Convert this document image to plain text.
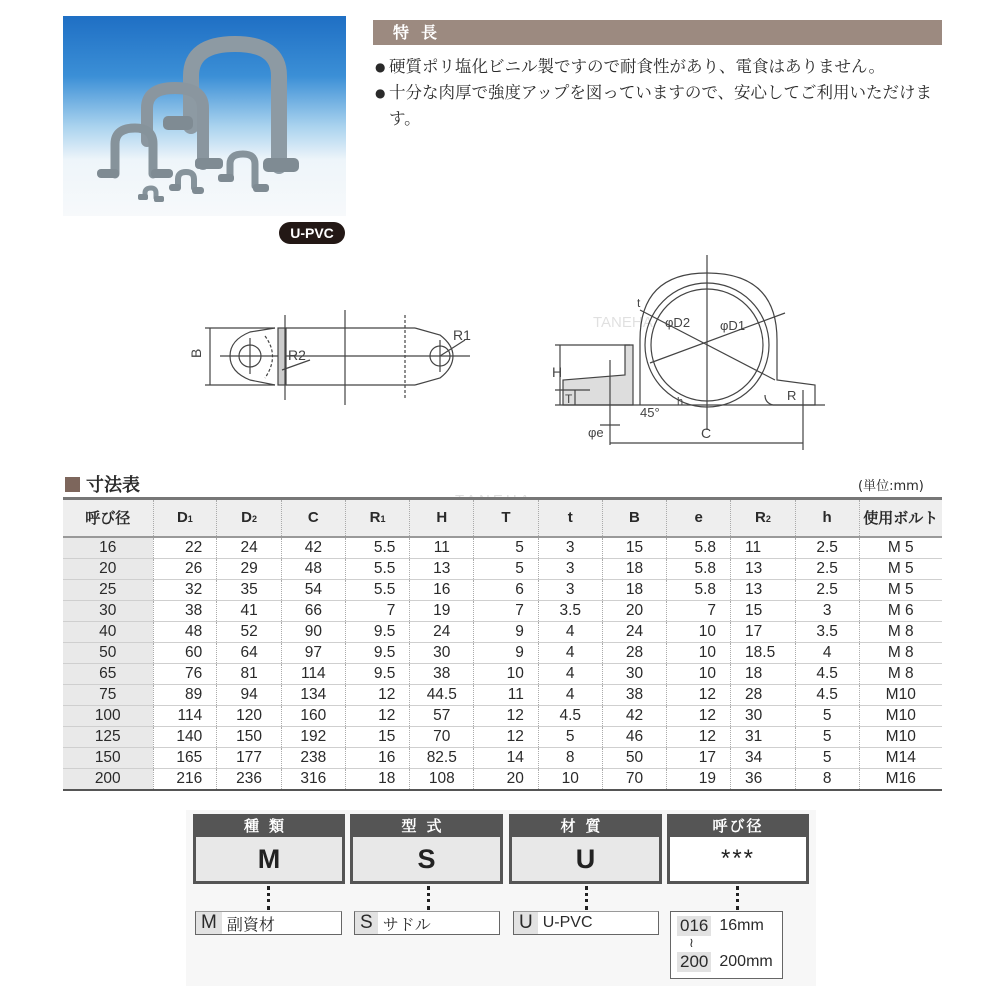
U-PVC
特長
● 硬質ポリ塩化ビニル製ですので耐食性があり、電食はありません。
● 十分な肉厚で強度アップを図っていますので、安心してご利用いただけます。
B	R2
R1
H
T
t
φD2 φD1
45°
h
φe	C
R
TANEHA
寸法表	(単位:mm)
呼び径	D1	D2	C	R1	H	T	t	B	e	R2	h	使用ボルト
16	22	24	42	5.5	11	5	3	15	5.8	11	2.5	M 5
20	26	29	48	5.5	13	5	3	18	5.8	13	2.5	M 5
25	32	35	54	5.5	16	6	3	18	5.8	13	2.5	M 5
30	38	41	66	7	19	7	3.5	20	7	15	3	M 6
40	48	52	90	9.5	24	9	4	24	10	17	3.5	M 8
50	60	64	97	9.5	30	9	4	28	10	18.5	4	M 8
65	76	81	114	9.5	38	10	4	30	10	18	4.5	M 8
75	89	94	134	12	44.5	11	4	38	12	28	4.5	M10
100	114	120	160	12	57	12	4.5	42	12	30	5	M10
125	140	150	192	15	70	12	5	46	12	31	5	M10
150	165	177	238	16	82.5	14	8	50	17	34	5	M14
200	216	236	316	18	108	20	10	70	19	36	8	M16
種類
M
型式
S
材質
U
呼び径
***
M 副資材	S サドル	U U-PVC	016 16mm
≀
200 200mm
